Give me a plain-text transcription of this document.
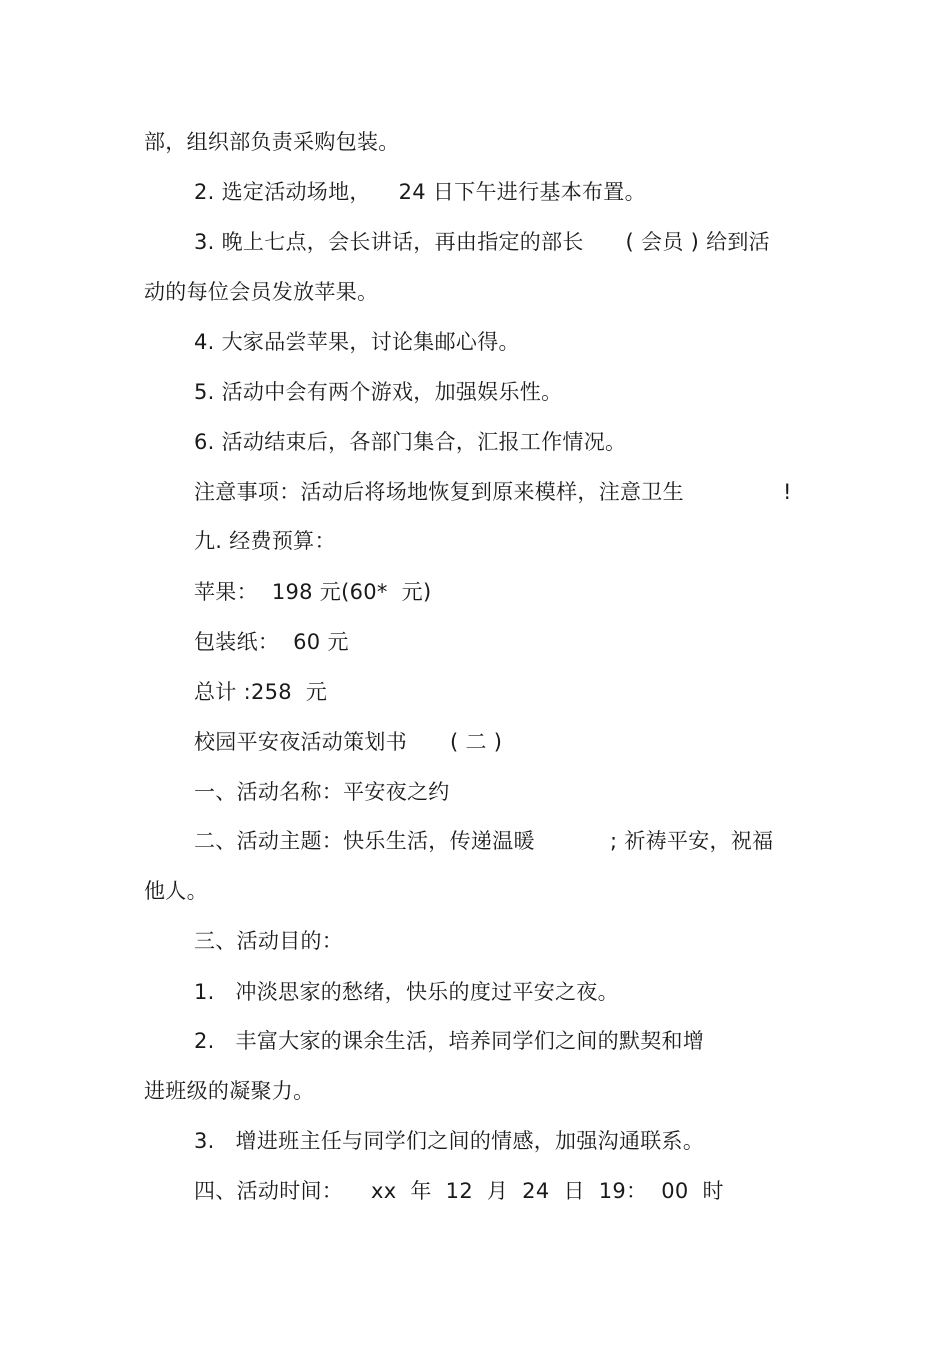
部，组织部负责采购包装。
2. 选定活动场地，    24 日下午进行基本布置。
3. 晚上七点，会长讲话，再由指定的部长      ( 会员 ) 给到活
动的每位会员发放苹果。
4. 大家品尝苹果，讨论集邮心得。
5. 活动中会有两个游戏，加强娱乐性。
6. 活动结束后，各部门集合，汇报工作情况。
注意事项：活动后将场地恢复到原来模样，注意卫生	!
九. 经费预算：
苹果：  198 元(60*  元)
包装纸：  60 元
总计 :258  元
校园平安夜活动策划书 ( 二 )
一、活动名称：平安夜之约
二、活动主题：快乐生活，传递温暖	; 祈祷平安，祝福
他人。
三、活动目的：
1.   冲淡思家的愁绪，快乐的度过平安之夜。
2.   丰富大家的课余生活，培养同学们之间的默契和增
进班级的凝聚力。
3.   增进班主任与同学们之间的情感，加强沟通联系。
四、活动时间：    xx  年  12  月  24  日  19：  00  时
